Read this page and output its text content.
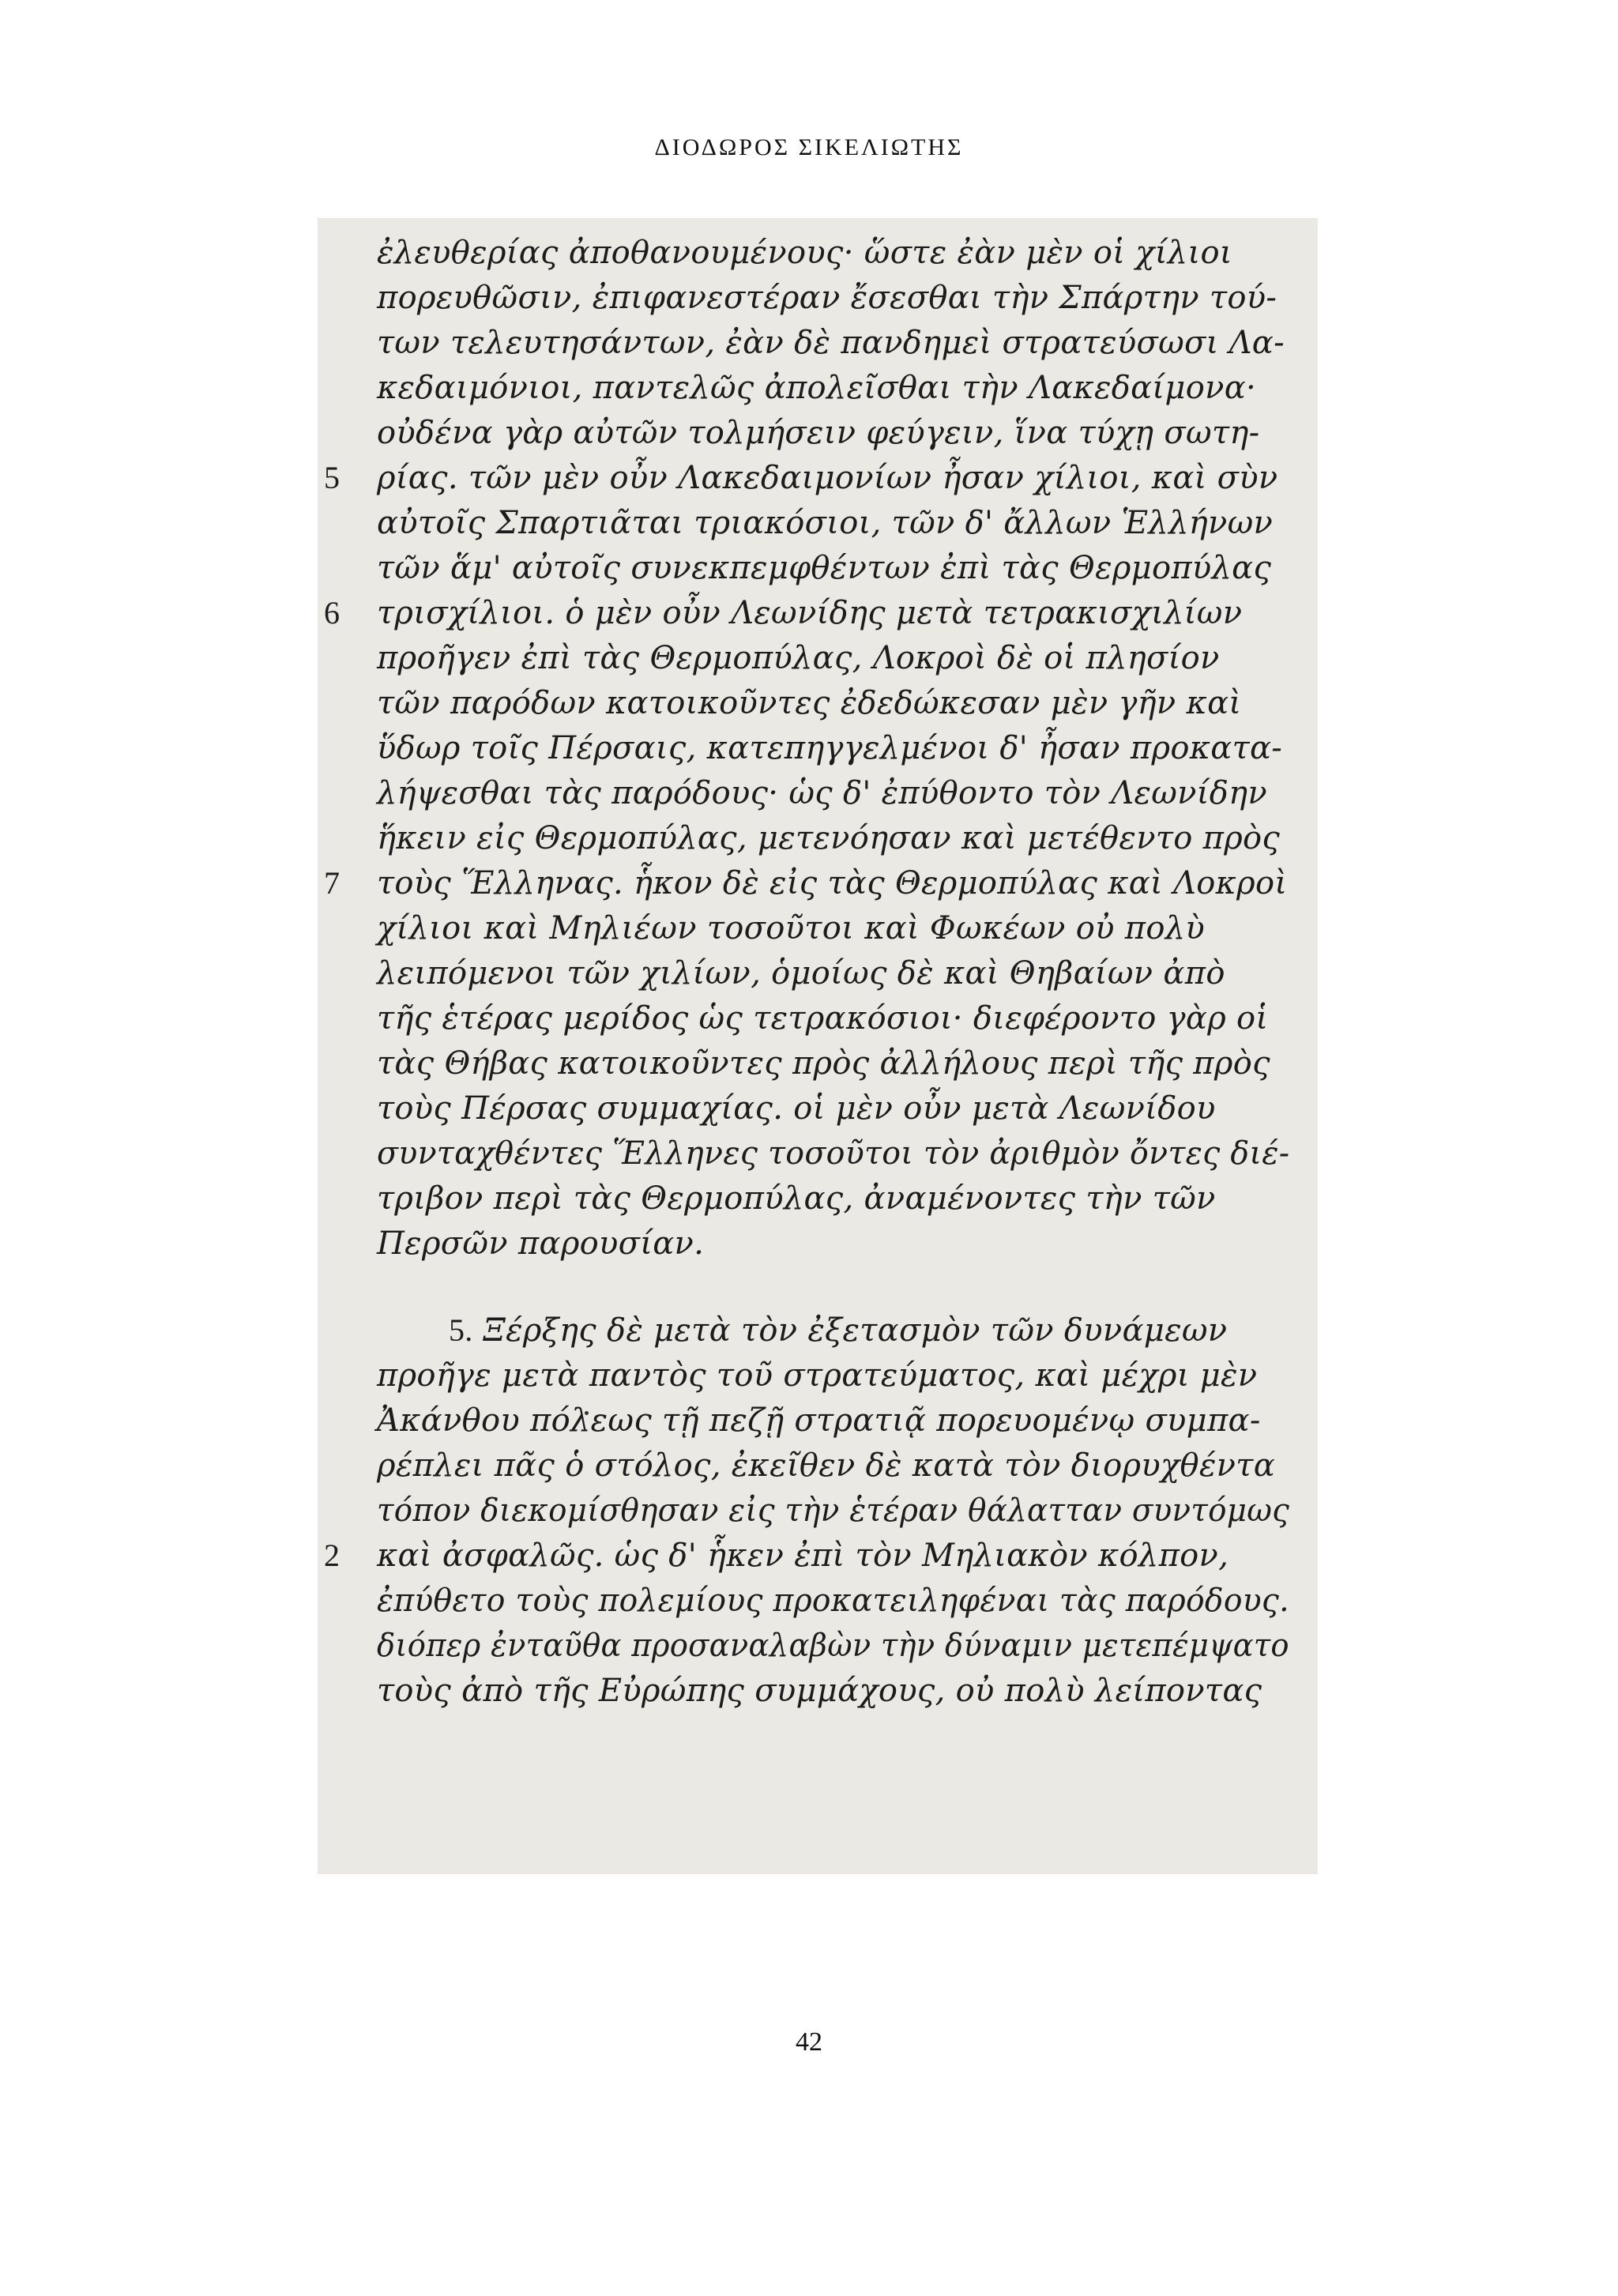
ΔΙΟΔΩΡΟΣ ΣΙΚΕΛΙΩΤΗΣ
ἐλευθερίας ἀποθανουμένους· ὥστε ἐὰν μὲν οἱ χίλιοι
πορευθῶσιν, ἐπιφανεστέραν ἔσεσθαι τὴν Σπάρτην τού-
των τελευτησάντων, ἐὰν δὲ πανδημεὶ στρατεύσωσι Λα-
κεδαιμόνιοι, παντελῶς ἀπολεῖσθαι τὴν Λακεδαίμονα·
οὐδένα γὰρ αὐτῶν τολμήσειν φεύγειν, ἵνα τύχῃ σωτη-
5 ρίας. τῶν μὲν οὖν Λακεδαιμονίων ἦσαν χίλιοι, καὶ σὺν
αὐτοῖς Σπαρτιᾶται τριακόσιοι, τῶν δ' ἄλλων Ἑλλήνων
τῶν ἅμ' αὐτοῖς συνεκπεμφθέντων ἐπὶ τὰς Θερμοπύλας
6 τρισχίλιοι. ὁ μὲν οὖν Λεωνίδης μετὰ τετρακισχιλίων
προῆγεν ἐπὶ τὰς Θερμοπύλας, Λοκροὶ δὲ οἱ πλησίον
τῶν παρόδων κατοικοῦντες ἐδεδώκεσαν μὲν γῆν καὶ
ὕδωρ τοῖς Πέρσαις, κατεπηγγελμένοι δ' ἦσαν προκατα-
λήψεσθαι τὰς παρόδους· ὡς δ' ἐπύθοντο τὸν Λεωνίδην
ἥκειν εἰς Θερμοπύλας, μετενόησαν καὶ μετέθεντο πρὸς
7 τοὺς Ἕλληνας. ἧκον δὲ εἰς τὰς Θερμοπύλας καὶ Λοκροὶ
χίλιοι καὶ Μηλιέων τοσοῦτοι καὶ Φωκέων οὐ πολὺ
λειπόμενοι τῶν χιλίων, ὁμοίως δὲ καὶ Θηβαίων ἀπὸ
τῆς ἑτέρας μερίδος ὡς τετρακόσιοι· διεφέροντο γὰρ οἱ
τὰς Θήβας κατοικοῦντες πρὸς ἀλλήλους περὶ τῆς πρὸς
τοὺς Πέρσας συμμαχίας. οἱ μὲν οὖν μετὰ Λεωνίδου
συνταχθέντες Ἕλληνες τοσοῦτοι τὸν ἀριθμὸν ὄντες διέ-
τριβον περὶ τὰς Θερμοπύλας, ἀναμένοντες τὴν τῶν
Περσῶν παρουσίαν.
5. Ξέρξης δὲ μετὰ τὸν ἐξετασμὸν τῶν δυνάμεων
προῆγε μετὰ παντὸς τοῦ στρατεύματος, καὶ μέχρι μὲν
Ἀκάνθου πόλεως τῇ πεζῇ στρατιᾷ πορευομένῳ συμπα-
ρέπλει πᾶς ὁ στόλος, ἐκεῖθεν δὲ κατὰ τὸν διορυχθέντα
τόπον διεκομίσθησαν εἰς τὴν ἑτέραν θάλατταν συντόμως
2 καὶ ἀσφαλῶς. ὡς δ' ἧκεν ἐπὶ τὸν Μηλιακὸν κόλπον,
ἐπύθετο τοὺς πολεμίους προκατειληφέναι τὰς παρόδους.
διόπερ ἐνταῦθα προσαναλαβὼν τὴν δύναμιν μετεπέμψατο
τοὺς ἀπὸ τῆς Εὐρώπης συμμάχους, οὐ πολὺ λείποντας
42
